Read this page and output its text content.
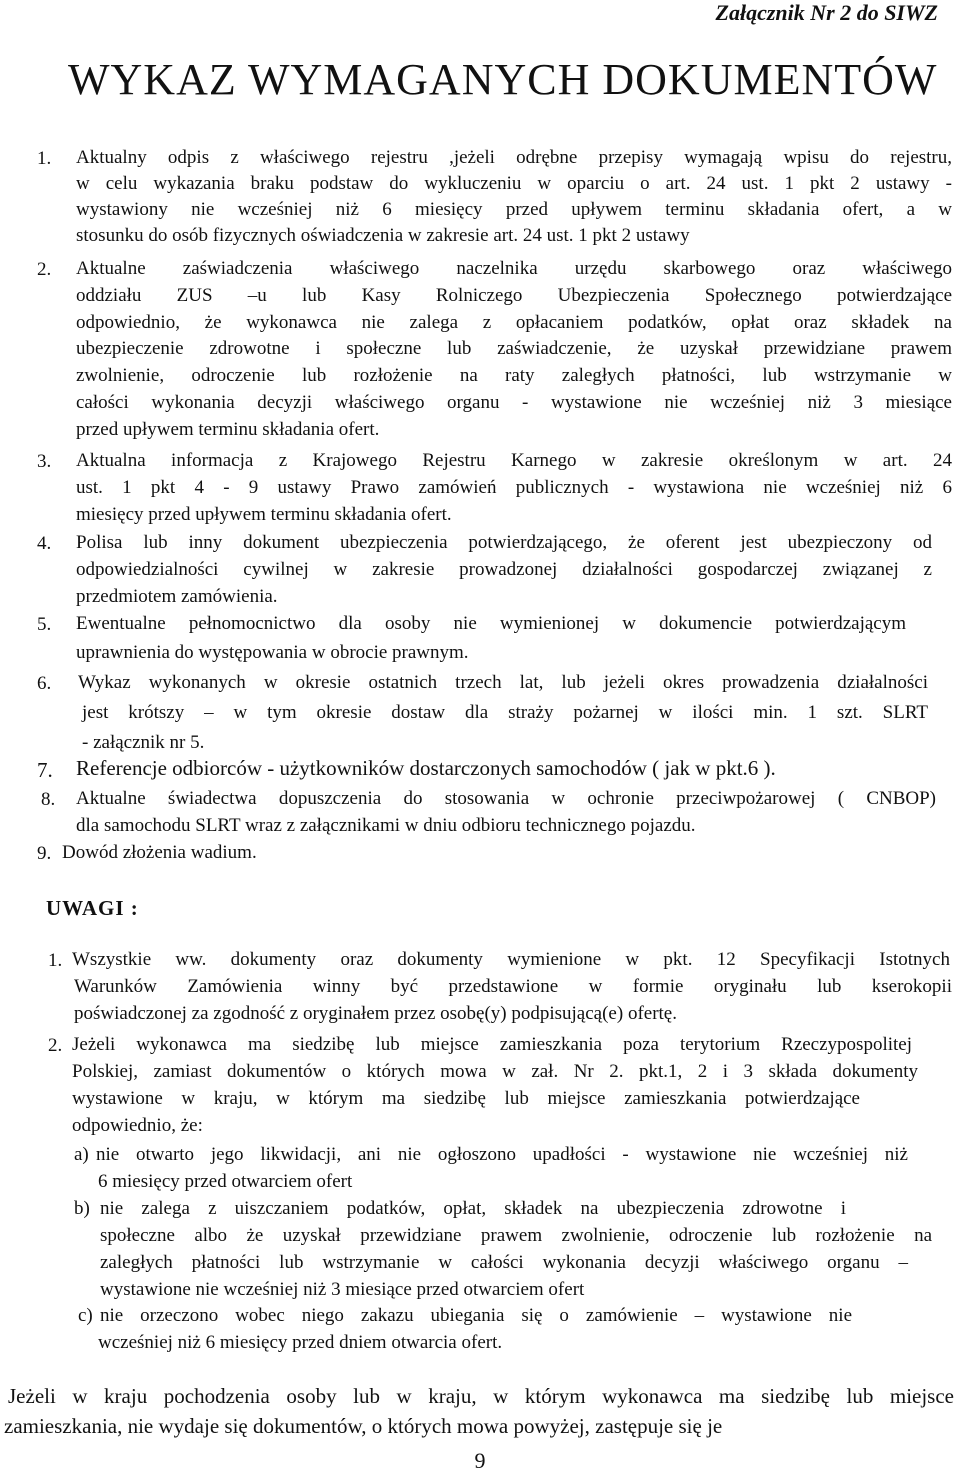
Załącznik Nr 2 do SIWZ
WYKAZ WYMAGANYCH DOKUMENTÓW
1. Aktualny odpis z właściwego rejestru ,jeżeli odrębne przepisy wymagają wpisu do rejestru,
w celu wykazania braku podstaw do wykluczeniu w oparciu o art. 24 ust. 1 pkt 2 ustawy -
wystawiony nie wcześniej niż 6 miesięcy przed upływem terminu składania ofert, a w
stosunku do osób fizycznych oświadczenia w zakresie art. 24 ust. 1 pkt 2 ustawy
2. Aktualne zaświadczenia właściwego naczelnika urzędu skarbowego oraz właściwego
oddziału ZUS –u lub Kasy Rolniczego Ubezpieczenia Społecznego potwierdzające
odpowiednio, że wykonawca nie zalega z opłacaniem podatków, opłat oraz składek na
ubezpieczenie zdrowotne i społeczne lub zaświadczenie, że uzyskał przewidziane prawem
zwolnienie, odroczenie lub rozłożenie na raty zaległych płatności, lub wstrzymanie w
całości wykonania decyzji właściwego organu - wystawione nie wcześniej niż 3 miesiące
przed upływem terminu składania ofert.
3. Aktualna informacja z Krajowego Rejestru Karnego w zakresie określonym w art. 24
ust. 1 pkt 4 - 9 ustawy Prawo zamówień publicznych - wystawiona nie wcześniej niż 6
miesięcy przed upływem terminu składania ofert.
4. Polisa lub inny dokument ubezpieczenia potwierdzającego, że oferent jest ubezpieczony od
odpowiedzialności cywilnej w zakresie prowadzonej działalności gospodarczej związanej z
przedmiotem zamówienia.
5. Ewentualne pełnomocnictwo dla osoby nie wymienionej w dokumencie potwierdzającym
uprawnienia do występowania w obrocie prawnym.
6. Wykaz wykonanych w okresie ostatnich trzech lat, lub jeżeli okres prowadzenia działalności
jest krótszy – w tym okresie dostaw dla straży pożarnej w ilości min. 1 szt. SLRT
- załącznik nr 5.
7. Referencje odbiorców - użytkowników dostarczonych samochodów ( jak w pkt.6 ).
8. Aktualne świadectwa dopuszczenia do stosowania w ochronie przeciwpożarowej ( CNBOP)
dla samochodu SLRT wraz z załącznikami w dniu odbioru technicznego pojazdu.
9. Dowód złożenia wadium.
UWAGI :
1. Wszystkie ww. dokumenty oraz dokumenty wymienione w pkt. 12 Specyfikacji Istotnych
Warunków Zamówienia winny być przedstawione w formie oryginału lub kserokopii
poświadczonej za zgodność z oryginałem przez osobę(y) podpisującą(e) ofertę.
2. Jeżeli wykonawca ma siedzibę lub miejsce zamieszkania poza terytorium Rzeczypospolitej
Polskiej, zamiast dokumentów o których mowa w zał. Nr 2. pkt.1, 2 i 3 składa dokumenty
wystawione w kraju, w którym ma siedzibę lub miejsce zamieszkania potwierdzające
odpowiednio, że:
a) nie otwarto jego likwidacji, ani nie ogłoszono upadłości - wystawione nie wcześniej niż
6 miesięcy przed otwarciem ofert
b) nie zalega z uiszczaniem podatków, opłat, składek na ubezpieczenia zdrowotne i
społeczne albo że uzyskał przewidziane prawem zwolnienie, odroczenie lub rozłożenie na
zaległych płatności lub wstrzymanie w całości wykonania decyzji właściwego organu –
wystawione nie wcześniej niż 3 miesiące przed otwarciem ofert
c) nie orzeczono wobec niego zakazu ubiegania się o zamówienie – wystawione nie
wcześniej niż 6 miesięcy przed dniem otwarcia ofert.
Jeżeli w kraju pochodzenia osoby lub w kraju, w którym wykonawca ma siedzibę lub miejsce
zamieszkania, nie wydaje się dokumentów, o których mowa powyżej, zastępuje się je
9
